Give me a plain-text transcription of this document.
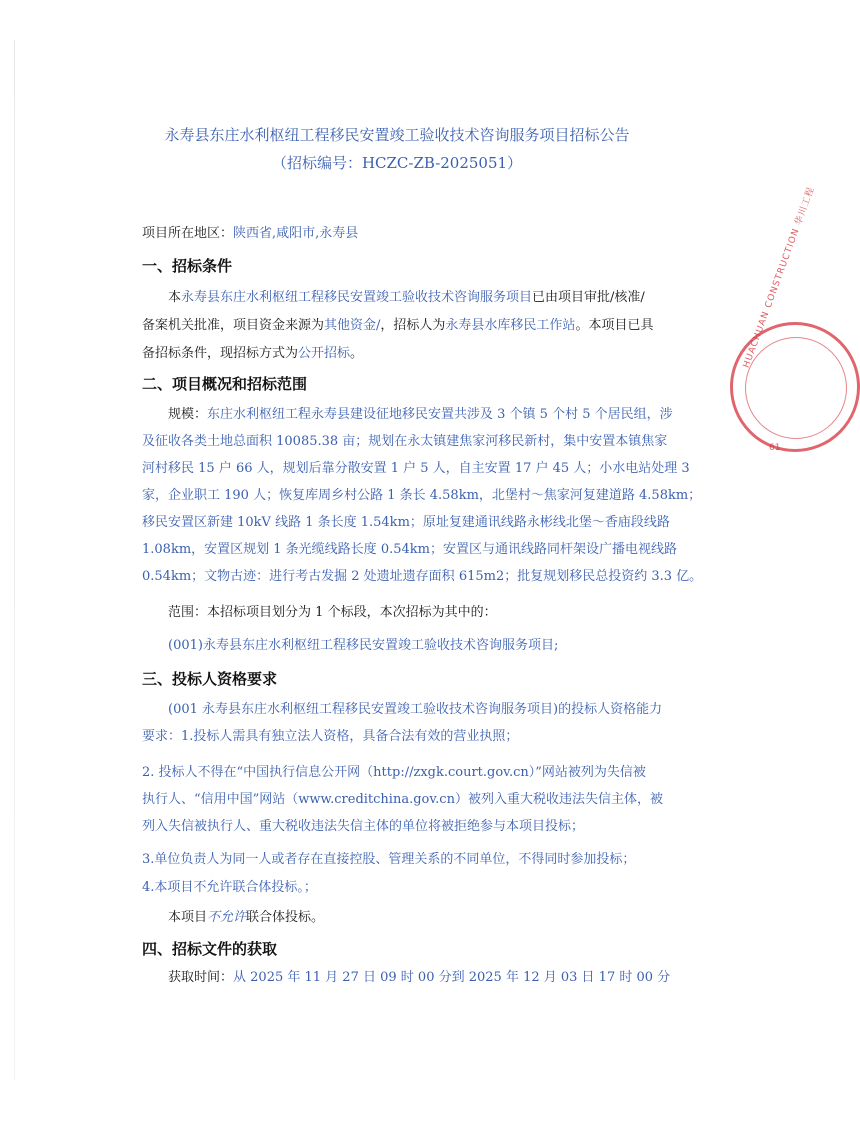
永寿县东庄水利枢纽工程移民安置竣工验收技术咨询服务项目招标公告
（招标编号：HCZC-ZB-2025051）
项目所在地区：陕西省,咸阳市,永寿县
一、招标条件
本永寿县东庄水利枢纽工程移民安置竣工验收技术咨询服务项目已由项目审批/核准/
备案机关批准，项目资金来源为其他资金/，招标人为永寿县水库移民工作站。本项目已具
备招标条件，现招标方式为公开招标。
二、项目概况和招标范围
规模：东庄水利枢纽工程永寿县建设征地移民安置共涉及 3 个镇 5 个村 5 个居民组，涉
及征收各类土地总面积 10085.38 亩；规划在永太镇建焦家河移民新村，集中安置本镇焦家
河村移民 15 户 66 人，规划后靠分散安置 1 户 5 人，自主安置 17 户 45 人；小水电站处理 3
家，企业职工 190 人；恢复库周乡村公路 1 条长 4.58km，北堡村～焦家河复建道路 4.58km；
移民安置区新建 10kV 线路 1 条长度 1.54km；原址复建通讯线路永彬线北堡～香庙段线路
1.08km，安置区规划 1 条光缆线路长度 0.54km；安置区与通讯线路同杆架设广播电视线路
0.54km；文物古迹：进行考古发掘 2 处遗址遗存面积 615m2；批复规划移民总投资约 3.3 亿。
范围：本招标项目划分为 1 个标段，本次招标为其中的：
(001)永寿县东庄水利枢纽工程移民安置竣工验收技术咨询服务项目;
三、投标人资格要求
(001 永寿县东庄水利枢纽工程移民安置竣工验收技术咨询服务项目)的投标人资格能力
要求：1.投标人需具有独立法人资格，具备合法有效的营业执照；
2. 投标人不得在“中国执行信息公开网（http://zxgk.court.gov.cn）”网站被列为失信被
执行人、“信用中国”网站（www.creditchina.gov.cn）被列入重大税收违法失信主体，被
列入失信被执行人、重大税收违法失信主体的单位将被拒绝参与本项目投标；
3.单位负责人为同一人或者存在直接控股、管理关系的不同单位，不得同时参加投标；
4.本项目不允许联合体投标。；
本项目不允许联合体投标。
四、招标文件的获取
获取时间：从 2025 年 11 月 27 日 09 时 00 分到 2025 年 12 月 03 日 17 时 00 分
HUACHUAN CONSTRUCTION 华川工程
61
